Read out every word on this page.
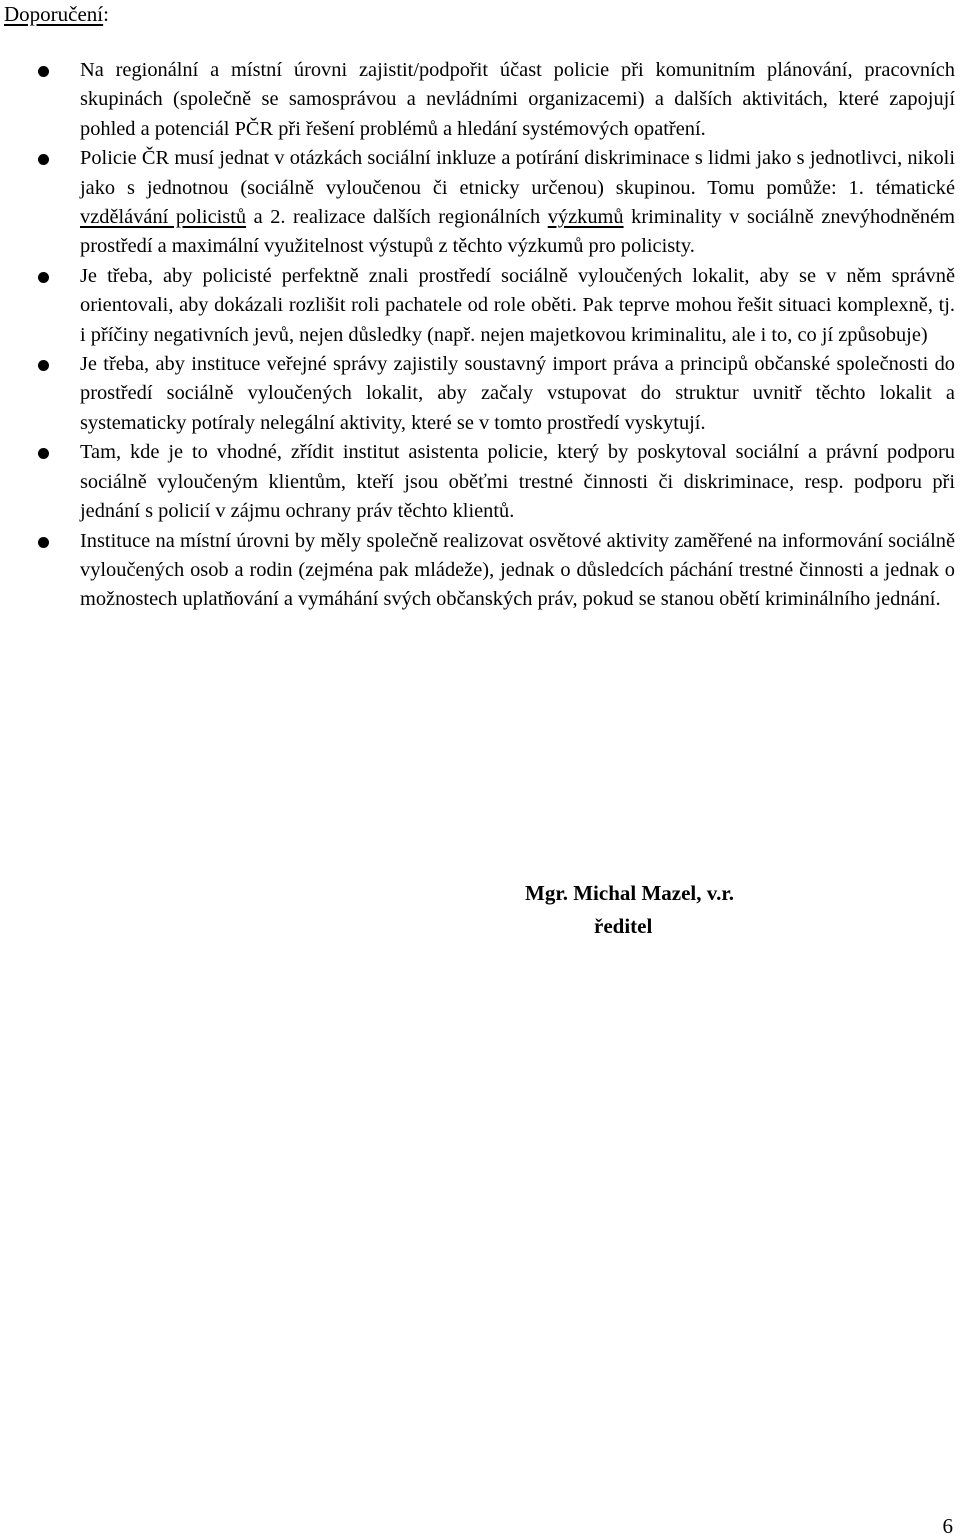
Doporučení:
Na regionální a místní úrovni zajistit/podpořit účast policie při komunitním plánování, pracovních skupinách (společně se samosprávou a nevládními organizacemi) a dalších aktivitách, které zapojují pohled a potenciál PČR při řešení problémů a hledání systémových opatření.
Policie ČR musí jednat v otázkách sociální inkluze a potírání diskriminace s lidmi jako s jednotlivci, nikoli jako s jednotnou (sociálně vyloučenou či etnicky určenou) skupinou. Tomu pomůže: 1. tématické vzdělávání policistů a 2. realizace dalších regionálních výzkumů kriminality v sociálně znevýhodněném prostředí a maximální využitelnost výstupů z těchto výzkumů pro policisty.
Je třeba, aby policisté perfektně znali prostředí sociálně vyloučených lokalit, aby se v něm správně orientovali, aby dokázali rozlišit roli pachatele od role oběti. Pak teprve mohou řešit situaci komplexně, tj. i příčiny negativních jevů, nejen důsledky (např. nejen majetkovou kriminalitu, ale i to, co jí způsobuje)
Je třeba, aby instituce veřejné správy zajistily soustavný import práva a principů občanské společnosti do prostředí sociálně vyloučených lokalit, aby začaly vstupovat do struktur uvnitř těchto lokalit a systematicky potíraly nelegální aktivity, které se v tomto prostředí vyskytují.
Tam, kde je to vhodné, zřídit institut asistenta policie, který by poskytoval sociální a právní podporu sociálně vyloučeným klientům, kteří jsou oběťmi trestné činnosti či diskriminace, resp. podporu při jednání s policií v zájmu ochrany práv těchto klientů.
Instituce na místní úrovni by měly společně realizovat osvětové aktivity zaměřené na informování sociálně vyloučených osob a rodin (zejména pak mládeže), jednak o důsledcích páchání trestné činnosti a jednak o možnostech uplatňování a vymáhání svých občanských práv, pokud se stanou obětí kriminálního jednání.
Mgr. Michal Mazel, v.r.
ředitel
6
